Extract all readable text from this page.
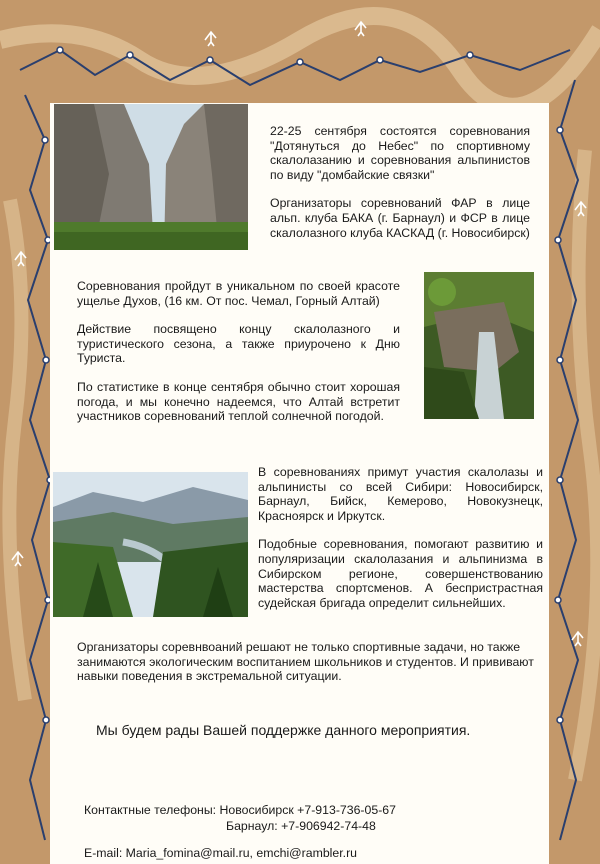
22-25 сентября состоятся соревнования "Дотянуться до Небес" по спортивному скалолазанию и соревнования альпинистов по виду "домбайские связки"

Организаторы соревнований ФАР в лице альп. клуба БАКА (г. Барнаул) и ФСР в лице скалолазного клуба КАСКАД (г. Новосибирск)

Соревнования пройдут в уникальном по своей красоте ущелье Духов, (16 км. От пос. Чемал, Горный Алтай)

Действие посвящено концу скалолазного и туристического сезона, а также приурочено к Дню Туриста.

По статистике в конце сентября обычно стоит хорошая погода, и мы конечно надеемся, что Алтай встретит участников соревнований теплой солнечной погодой.

В соревнованиях примут участия скалолазы и альпинисты со всей Сибири: Новосибирск, Барнаул, Бийск, Кемерово, Новокузнецк, Красноярск и Иркутск.

Подобные соревнования, помогают развитию и популяризации скалолазания и альпинизма в Сибирском регионе, совершенствованию мастерства спортсменов. А беспристрастная судейская бригада определит сильнейших.

Организаторы соревнвоаний решают не только спортивные задачи, но также занимаются экологическим воспитанием школьников и студентов. И прививают навыки поведения в экстремальной ситуации.

Мы будем рады Вашей поддержке данного мероприятия.
Контактные телефоны: Новосибирск +7-913-736-05-67
Барнаул: +7-906942-74-48
E-mail: Maria_fomina@mail.ru, emchi@rambler.ru
